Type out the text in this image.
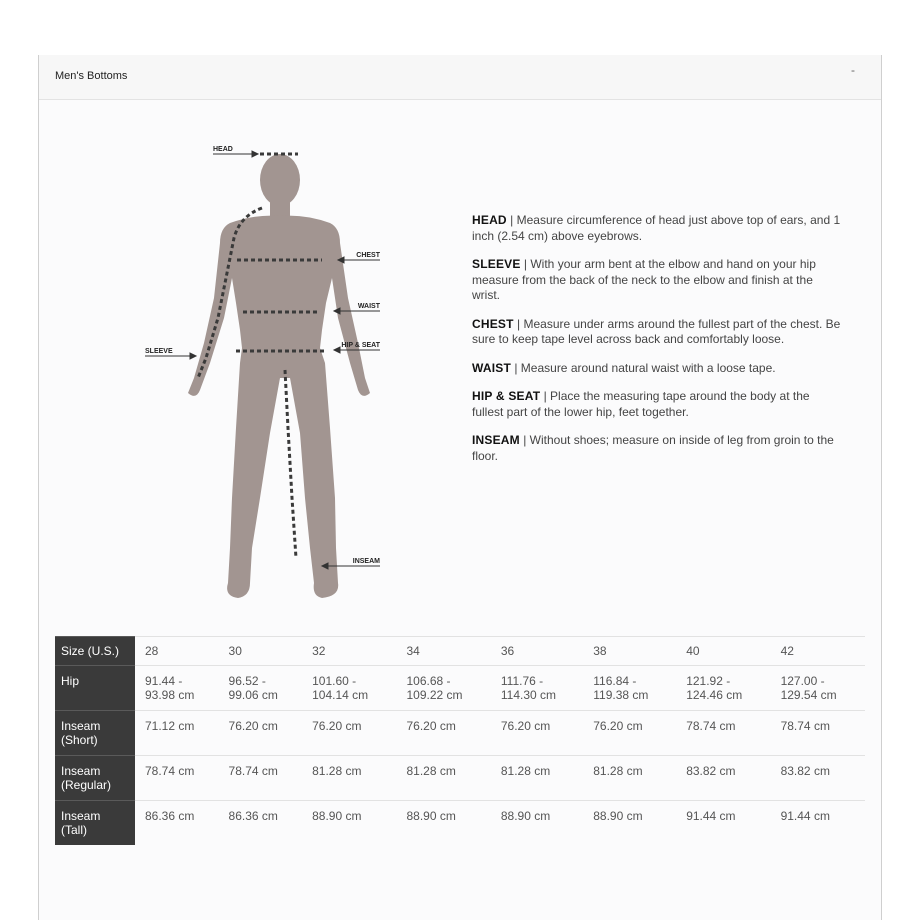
Men's Bottoms	-
HEAD
CHEST
WAIST
HIP & SEAT
SLEEVE
INSEAM

HEAD | Measure circumference of head just above top of ears, and 1 inch (2.54 cm) above eyebrows.

SLEEVE | With your arm bent at the elbow and hand on your hip measure from the back of the neck to the elbow and finish at the wrist.

CHEST | Measure under arms around the fullest part of the chest. Be sure to keep tape level across back and comfortably loose.

WAIST | Measure around natural waist with a loose tape.

HIP & SEAT | Place the measuring tape around the body at the fullest part of the lower hip, feet together.

INSEAM | Without shoes; measure on inside of leg from groin to the floor.

Size (U.S.)	28	30	32	34	36	38	40	42
Hip	91.44 - 93.98 cm	96.52 - 99.06 cm	101.60 - 104.14 cm	106.68 - 109.22 cm	111.76 - 114.30 cm	116.84 - 119.38 cm	121.92 - 124.46 cm	127.00 - 129.54 cm
Inseam (Short)	71.12 cm	76.20 cm	76.20 cm	76.20 cm	76.20 cm	76.20 cm	78.74 cm	78.74 cm
Inseam (Regular)	78.74 cm	78.74 cm	81.28 cm	81.28 cm	81.28 cm	81.28 cm	83.82 cm	83.82 cm
Inseam (Tall)	86.36 cm	86.36 cm	88.90 cm	88.90 cm	88.90 cm	88.90 cm	91.44 cm	91.44 cm
